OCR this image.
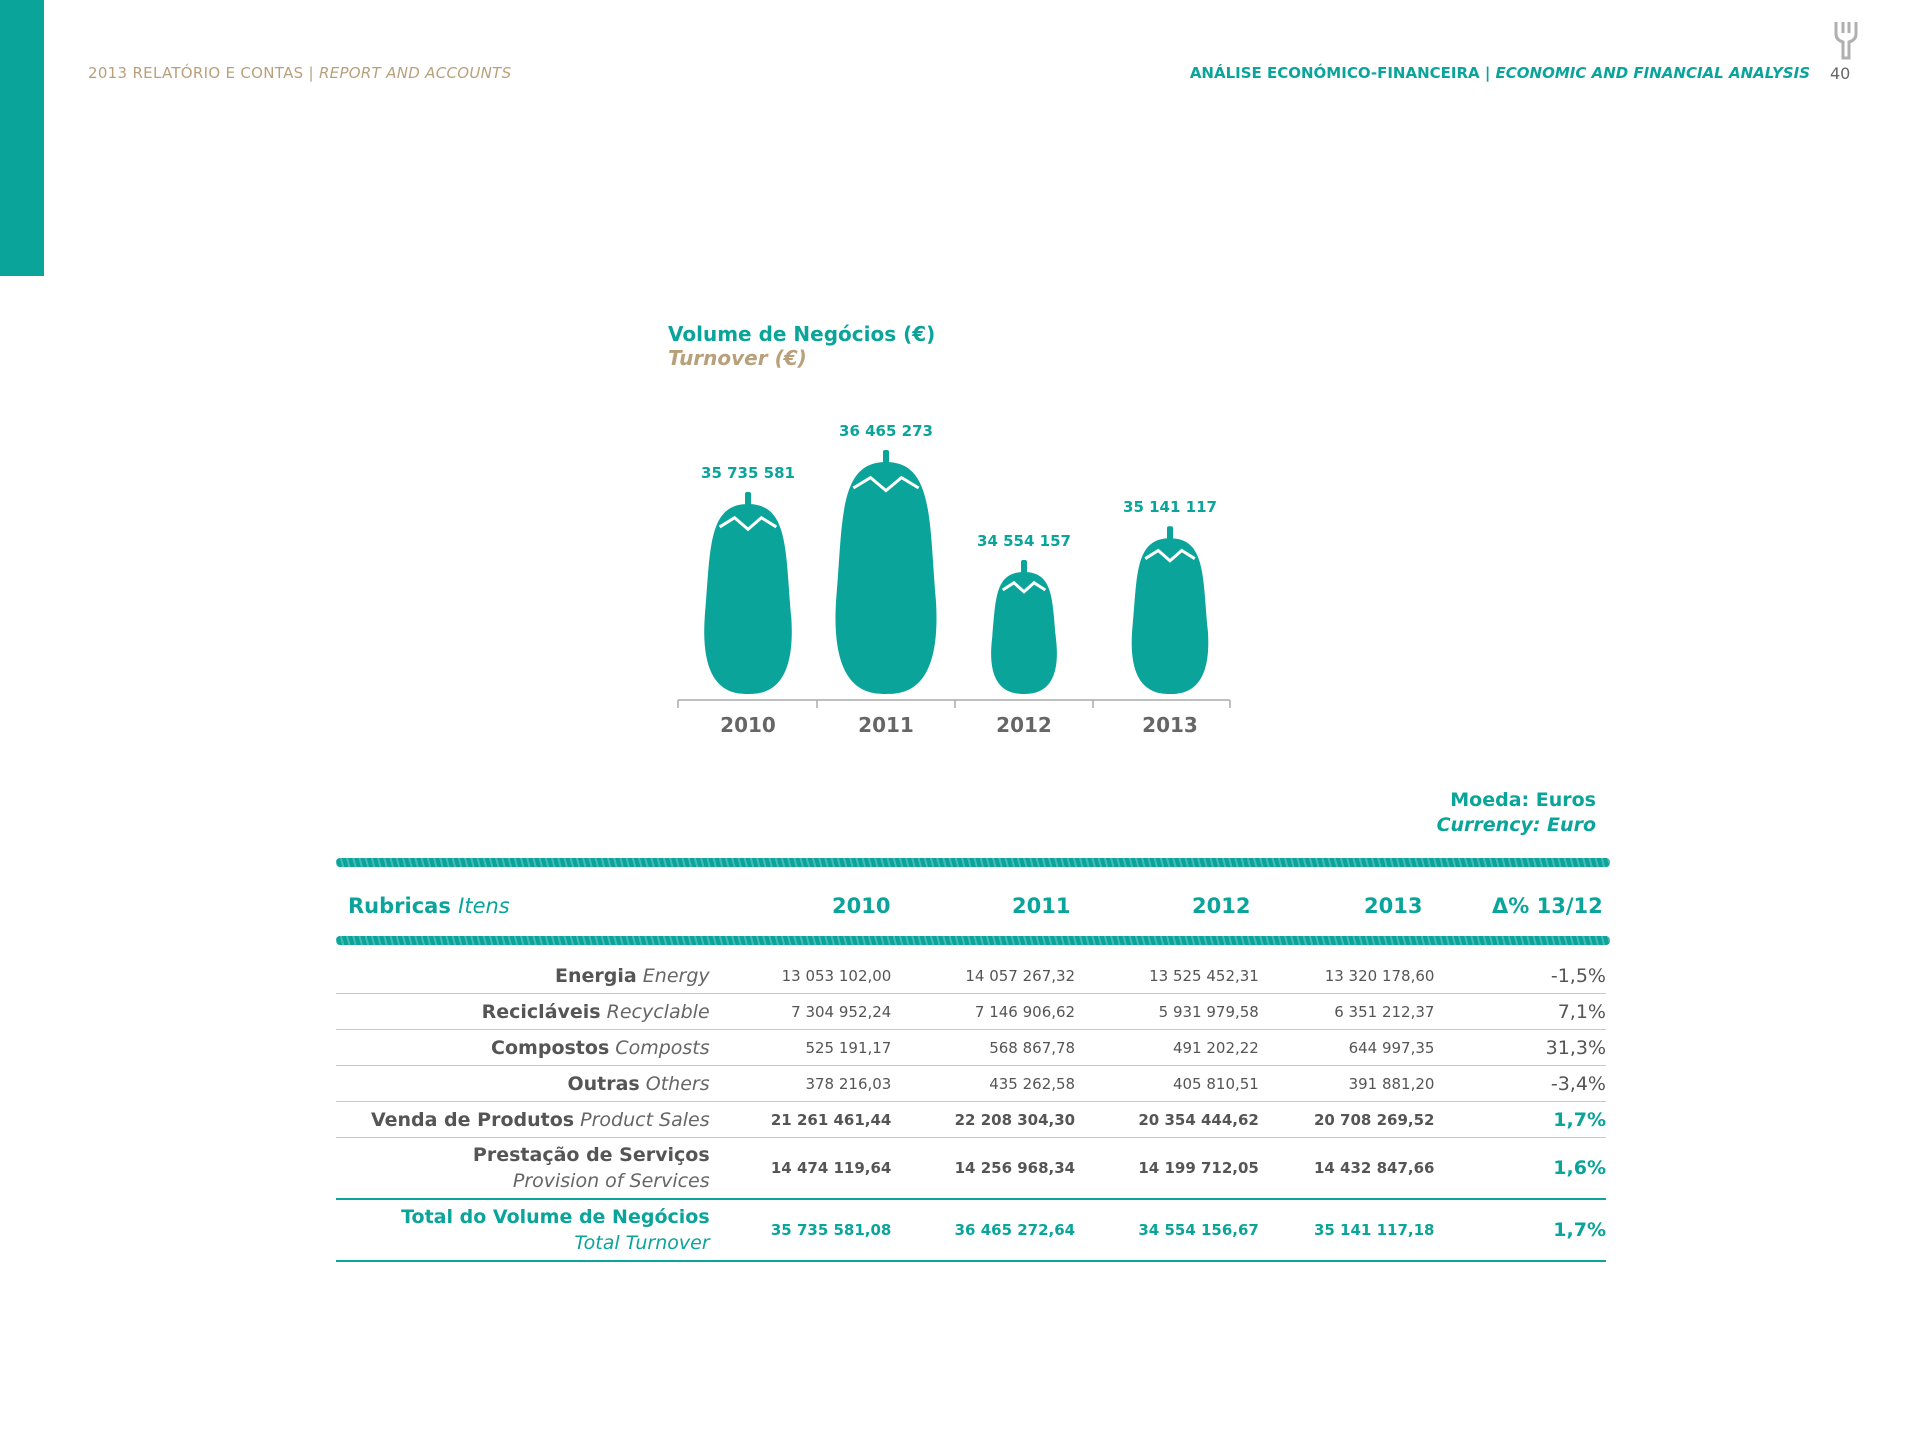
2013 RELATÓRIO E CONTAS | REPORT AND ACCOUNTS	ANÁLISE ECONÓMICO-FINANCEIRA | ECONOMIC AND FINANCIAL ANALYSIS 40
Volume de Negócios (€)
Turnover (€)
35 735 581
2010
36 465 273
2011
34 554 157
2012
35 141 117
2013
Moeda: Euros
Currency: Euro
Rubricas Itens	2010	2011	2012	2013	Δ% 13/12
Energia Energy	13 053 102,00	14 057 267,32	13 525 452,31	13 320 178,60	-1,5%
Recicláveis Recyclable	7 304 952,24	7 146 906,62	5 931 979,58	6 351 212,37	7,1%
Compostos Composts	525 191,17	568 867,78	491 202,22	644 997,35	31,3%
Outras Others	378 216,03	435 262,58	405 810,51	391 881,20	-3,4%
Venda de Produtos Product Sales	21 261 461,44	22 208 304,30	20 354 444,62	20 708 269,52	1,7%
Prestação de Serviços
Provision of Services	14 474 119,64	14 256 968,34	14 199 712,05	14 432 847,66	1,6%
Total do Volume de Negócios
Total Turnover	35 735 581,08	36 465 272,64	34 554 156,67	35 141 117,18	1,7%
